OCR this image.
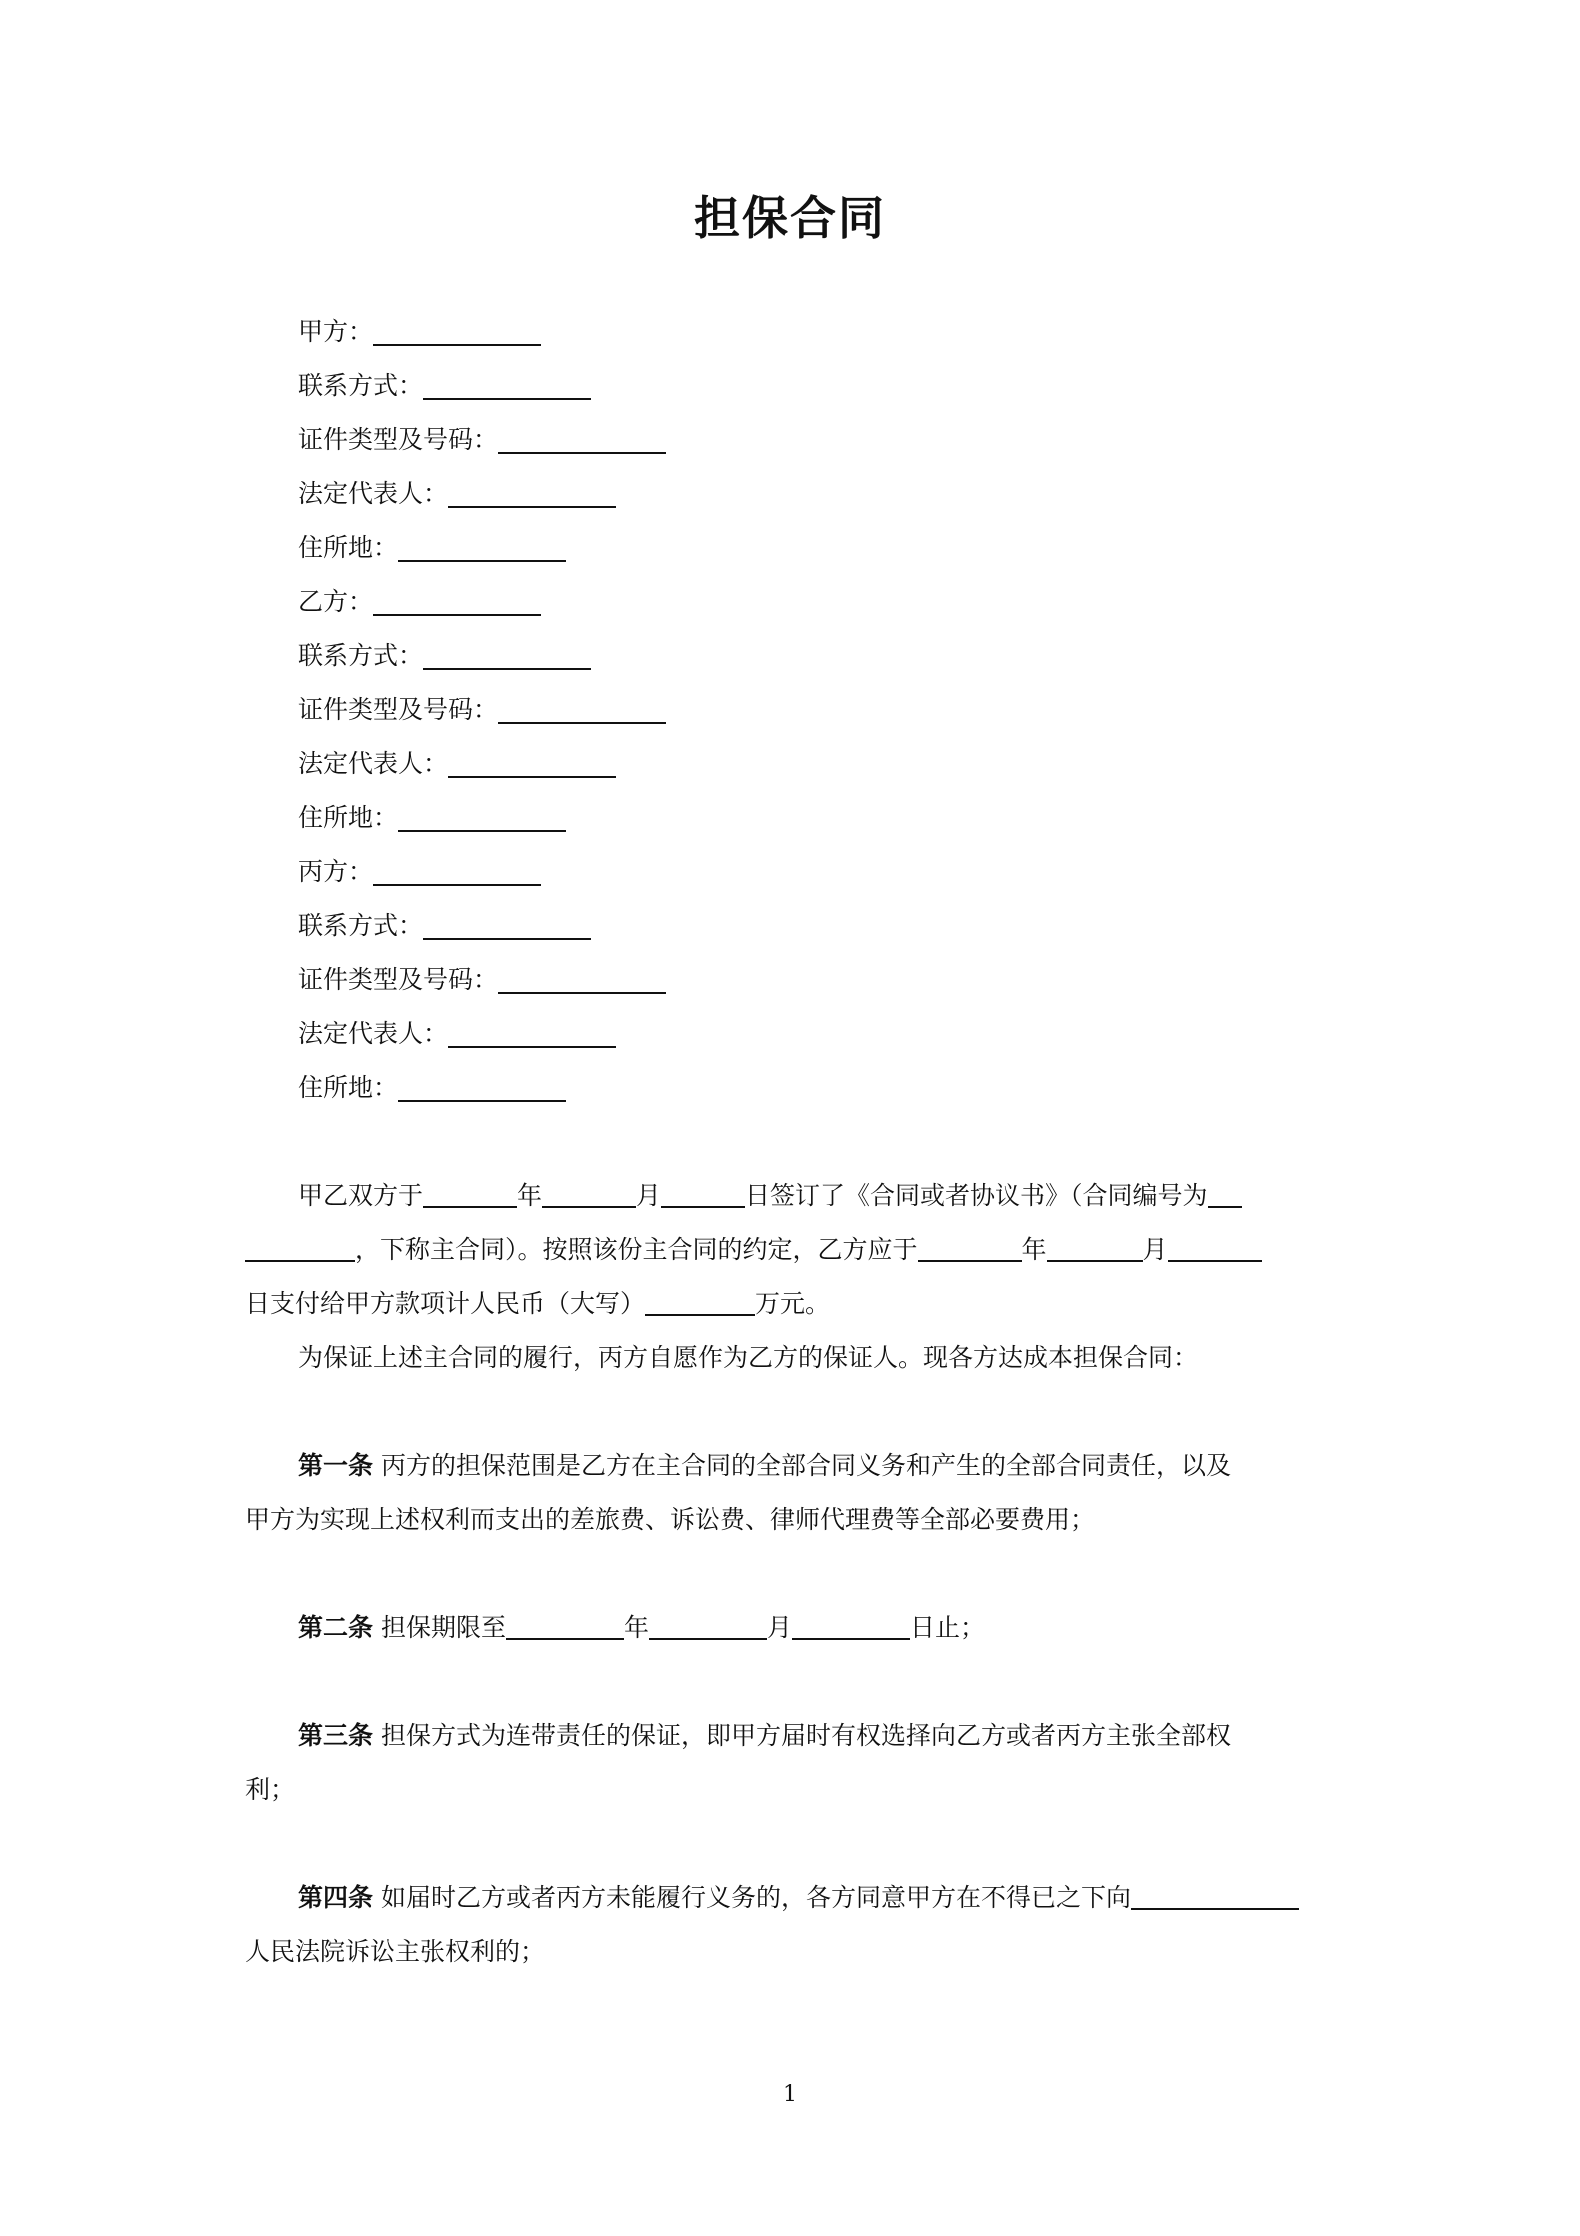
担保合同
甲方：
联系方式：
证件类型及号码：
法定代表人：
住所地：
乙方：
联系方式：
证件类型及号码：
法定代表人：
住所地：
丙方：
联系方式：
证件类型及号码：
法定代表人：
住所地：
甲乙双方于	年	月	日签订了《合同或者协议书》（合同编号为
，下称主合同）。按照该份主合同的约定，乙方应于	年	月
日支付给甲方款项计人民币（大写）	万元。
为保证上述主合同的履行，丙方自愿作为乙方的保证人。现各方达成本担保合同：
第一条 丙方的担保范围是乙方在主合同的全部合同义务和产生的全部合同责任，以及
甲方为实现上述权利而支出的差旅费、诉讼费、律师代理费等全部必要费用；
第二条 担保期限至	年	月	日止；
第三条 担保方式为连带责任的保证，即甲方届时有权选择向乙方或者丙方主张全部权
利；
第四条 如届时乙方或者丙方未能履行义务的，各方同意甲方在不得已之下向
人民法院诉讼主张权利的；
1
